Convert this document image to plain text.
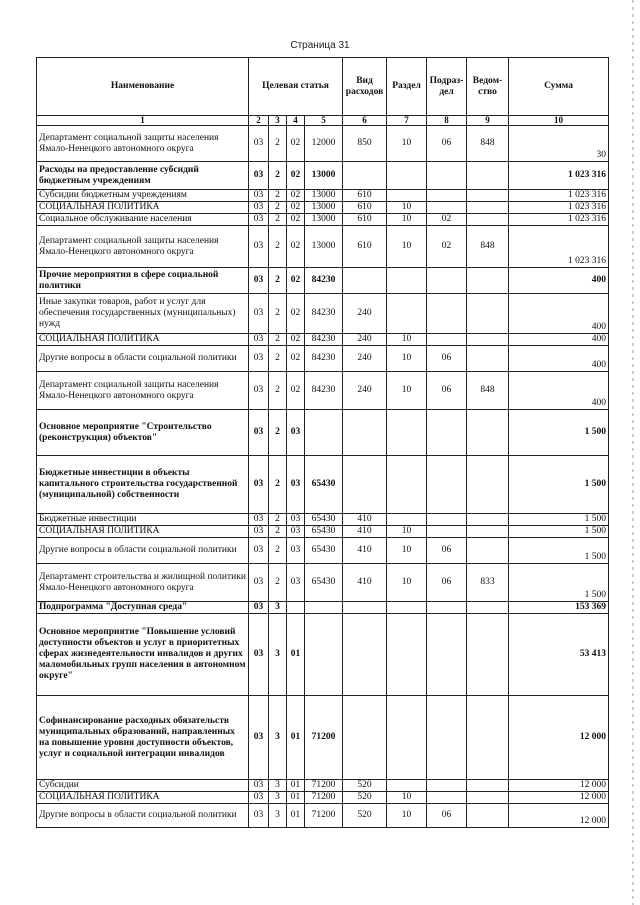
Страница 31
Наименование	Целевая статья				Вид расходов	Раздел	Подраз-дел	Ведом-ство	Сумма
1	2	3	4	5	6	7	8	9	10
Департамент социальной защиты населения Ямало-Ненецкого автономного округа	03	2	02	12000	850	10	06	848	30
Расходы на предоставление субсидий бюджетным учреждениям	03	2	02	13000					1 023 316
Субсидии бюджетным учреждениям	03	2	02	13000	610				1 023 316
СОЦИАЛЬНАЯ ПОЛИТИКА	03	2	02	13000	610	10			1 023 316
Социальное обслуживание населения	03	2	02	13000	610	10	02		1 023 316
Департамент социальной защиты населения Ямало-Ненецкого автономного округа	03	2	02	13000	610	10	02	848	1 023 316
Прочие мероприятия в сфере социальной политики	03	2	02	84230					400
Иные закупки товаров, работ и услуг для обеспечения государственных (муниципальных) нужд	03	2	02	84230	240				400
СОЦИАЛЬНАЯ ПОЛИТИКА	03	2	02	84230	240	10			400
Другие вопросы в области социальной политики	03	2	02	84230	240	10	06		400
Департамент социальной защиты населения Ямало-Ненецкого автономного округа	03	2	02	84230	240	10	06	848	400
Основное мероприятие "Строительство (реконструкция) объектов"	03	2	03						1 500
Бюджетные инвестиции в объекты капитального строительства государственной (муниципальной) собственности	03	2	03	65430					1 500
Бюджетные инвестиции	03	2	03	65430	410				1 500
СОЦИАЛЬНАЯ ПОЛИТИКА	03	2	03	65430	410	10			1 500
Другие вопросы в области социальной политики	03	2	03	65430	410	10	06		1 500
Департамент строительства и жилищной политики Ямало-Ненецкого автономного округа	03	2	03	65430	410	10	06	833	1 500
Подпрограмма "Доступная среда"	03	3							153 369
Основное мероприятие "Повышение условий доступности объектов и услуг в приоритетных сферах жизнедеятельности инвалидов и других маломобильных групп населения в автономном округе"	03	3	01						53 413
Софинансирование расходных обязательств муниципальных образований, направленных на повышение уровня доступности объектов, услуг и социальной интеграции инвалидов	03	3	01	71200					12 000
Субсидии	03	3	01	71200	520				12 000
СОЦИАЛЬНАЯ ПОЛИТИКА	03	3	01	71200	520	10			12 000
Другие вопросы в области социальной политики	03	3	01	71200	520	10	06		12 000
